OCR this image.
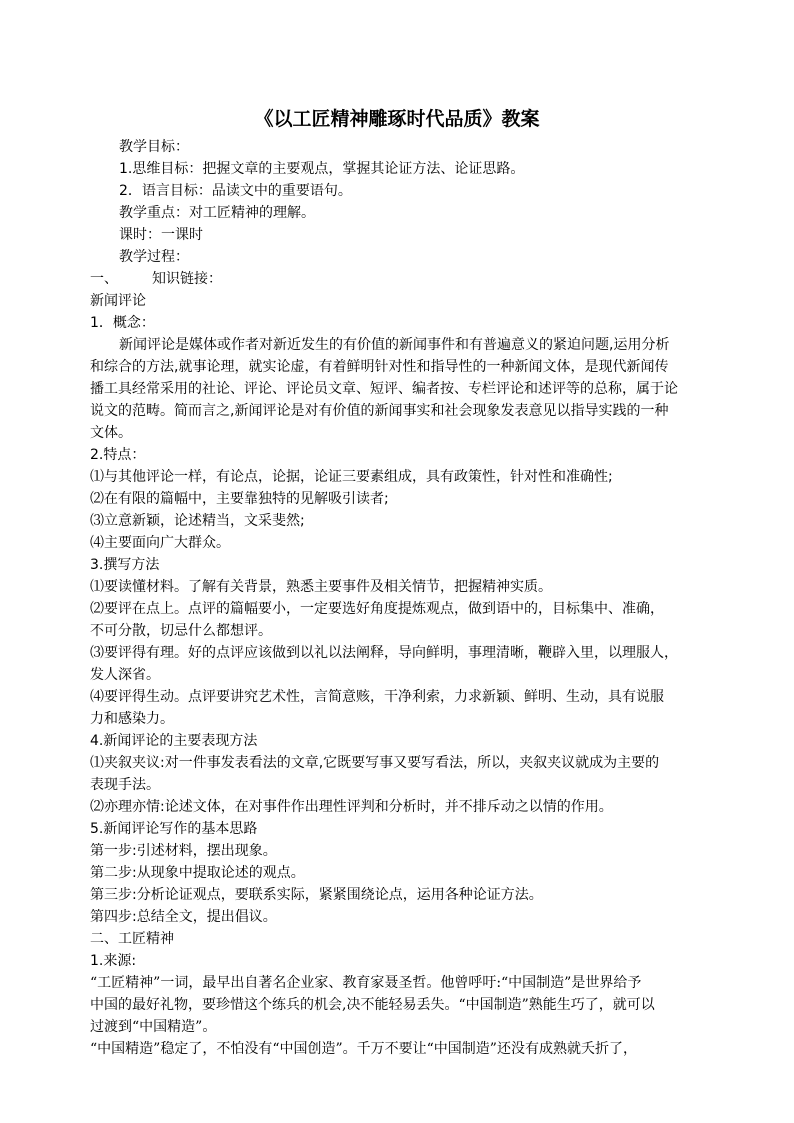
《以工匠精神雕琢时代品质》教案
教学目标：
1.思维目标：把握文章的主要观点，掌握其论证方法、论证思路。
2．语言目标：品读文中的重要语句。
教学重点：对工匠精神的理解。
课时：一课时
教学过程：
一、 知识链接：
新闻评论
1．概念：
新闻评论是媒体或作者对新近发生的有价值的新闻事件和有普遍意义的紧迫问题,运用分析
和综合的方法,就事论理，就实论虚，有着鲜明针对性和指导性的一种新闻文体，是现代新闻传
播工具经常采用的社论、评论、评论员文章、短评、编者按、专栏评论和述评等的总称，属于论
说文的范畴。简而言之,新闻评论是对有价值的新闻事实和社会现象发表意见以指导实践的一种
文体。
2.特点：
⑴与其他评论一样，有论点，论据，论证三要素组成，具有政策性，针对性和准确性;
⑵在有限的篇幅中，主要靠独特的见解吸引读者;
⑶立意新颖，论述精当，文采斐然;
⑷主要面向广大群众。
3.撰写方法
⑴要读懂材料。了解有关背景，熟悉主要事件及相关情节，把握精神实质。
⑵要评在点上。点评的篇幅要小，一定要选好角度提炼观点，做到语中的，目标集中、准确，
不可分散，切忌什么都想评。
⑶要评得有理。好的点评应该做到以礼以法阐释，导向鲜明，事理清晰，鞭辟入里，以理服人，
发人深省。
⑷要评得生动。点评要讲究艺术性，言简意赅，干净利索，力求新颖、鲜明、生动，具有说服
力和感染力。
4.新闻评论的主要表现方法
⑴夹叙夹议:对一件事发表看法的文章,它既要写事又要写看法，所以，夹叙夹议就成为主要的
表现手法。
⑵亦理亦情:论述文体，在对事件作出理性评判和分析时，并不排斥动之以情的作用。
5.新闻评论写作的基本思路
第一步:引述材料，摆出现象。
第二步:从现象中提取论述的观点。
第三步:分析论证观点，要联系实际，紧紧围绕论点，运用各种论证方法。
第四步:总结全文，提出倡议。
二、工匠精神
1.来源:
“工匠精神”一词，最早出自著名企业家、教育家聂圣哲。他曾呼吁:“中国制造”是世界给予
中国的最好礼物，要珍惜这个练兵的机会,决不能轻易丢失。“中国制造”熟能生巧了，就可以
过渡到“中国精造”。
“中国精造”稳定了，不怕没有“中国创造”。千万不要让“中国制造”还没有成熟就夭折了，
